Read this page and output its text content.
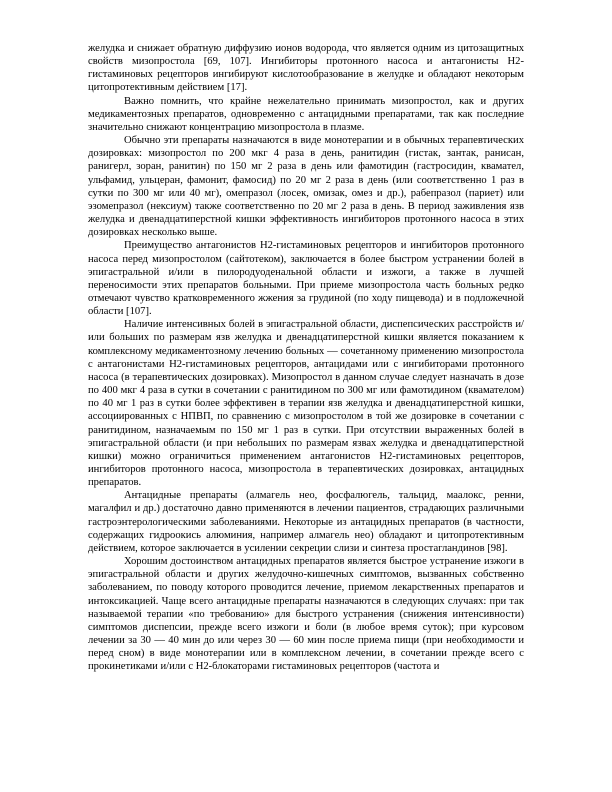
желудка и снижает обратную диффузию ионов водорода, что является одним из цитозащитных свойств мизопростола [69, 107]. Ингибиторы протонного насоса и антагонисты Н2-гистаминовых рецепторов ингибируют кислотообразование в желудке и обладают некоторым цитопротективным действием [17].

Важно помнить, что крайне нежелательно принимать мизопростол, как и других медикаментозных препаратов, одновременно с антацидными препаратами, так как последние значительно снижают концентрацию мизопростола в плазме.

Обычно эти препараты назначаются в виде монотерапии и в обычных терапевтических дозировках: мизопростол по 200 мкг 4 раза в день, ранитидин (гистак, зантак, ранисан, ранигерл, зоран, ранитин) по 150 мг 2 раза в день или фамотидин (гастросидин, квамател, ульфамид, ульцеран, фамонит, фамосид) по 20 мг 2 раза в день (или соответственно 1 раз в сутки по 300 мг или 40 мг), омепразол (лосек, омизак, омез и др.), рабепразол (париет) или эзомепразол (нексиум) также соответственно по 20 мг 2 раза в день. В период заживления язв желудка и двенадцатиперстной кишки эффективность ингибиторов протонного насоса в этих дозировках несколько выше.

Преимущество антагонистов Н2-гистаминовых рецепторов и ингибиторов протонного насоса перед мизопростолом (сайтотеком), заключается в более быстром устранении болей в эпигастральной и/или в пилородуоденальной области и изжоги, а также в лучшей переносимости этих препаратов больными. При приеме мизопростола часть больных редко отмечают чувство кратковременного жжения за грудиной (по ходу пищевода) и в подложечной области [107].

Наличие интенсивных болей в эпигастральной области, диспепсических расстройств и/или больших по размерам язв желудка и двенадцатиперстной кишки является показанием к комплексному медикаментозному лечению больных — сочетанному применению мизопростола с антагонистами Н2-гистаминовых рецепторов, антацидами или с ингибиторами протонного насоса (в терапевтических дозировках). Мизопростол в данном случае следует назначать в дозе по 400 мкг 4 раза в сутки в сочетании с ранитидином по 300 мг или фамотидином (квамателом) по 40 мг 1 раз в сутки более эффективен в терапии язв желудка и двенадцатиперстной кишки, ассоциированных с НПВП, по сравнению с мизопростолом в той же дозировке в сочетании с ранитидином, назначаемым по 150 мг 1 раз в сутки. При отсутствии выраженных болей в эпигастральной области (и при небольших по размерам язвах желудка и двенадцатиперстной кишки) можно ограничиться применением антагонистов Н2-гистаминовых рецепторов, ингибиторов протонного насоса, мизопростола в терапевтических дозировках, антацидных препаратов.

Антацидные препараты (алмагель нео, фосфалюгель, тальцид, маалокс, ренни, магалфил и др.) достаточно давно применяются в лечении пациентов, страдающих различными гастроэнтерологическими заболеваниями. Некоторые из антацидных препаратов (в частности, содержащих гидроокись алюминия, например алмагель нео) обладают и цитопротективным действием, которое заключается в усилении секреции слизи и синтеза простагландинов [98].

Хорошим достоинством антацидных препаратов является быстрое устранение изжоги в эпигастральной области и других желудочно-кишечных симптомов, вызванных собственно заболеванием, по поводу которого проводится лечение, приемом лекарственных препаратов и интоксикацией. Чаще всего антацидные препараты назначаются в следующих случаях: при так называемой терапии «по требованию» для быстрого устранения (снижения интенсивности) симптомов диспепсии, прежде всего изжоги и боли (в любое время суток); при курсовом лечении за 30 — 40 мин до или через 30 — 60 мин после приема пищи (при необходимости и перед сном) в виде монотерапии или в комплексном лечении, в сочетании прежде всего с прокинетиками и/или с Н2-блокаторами гистаминовых рецепторов (частота и
